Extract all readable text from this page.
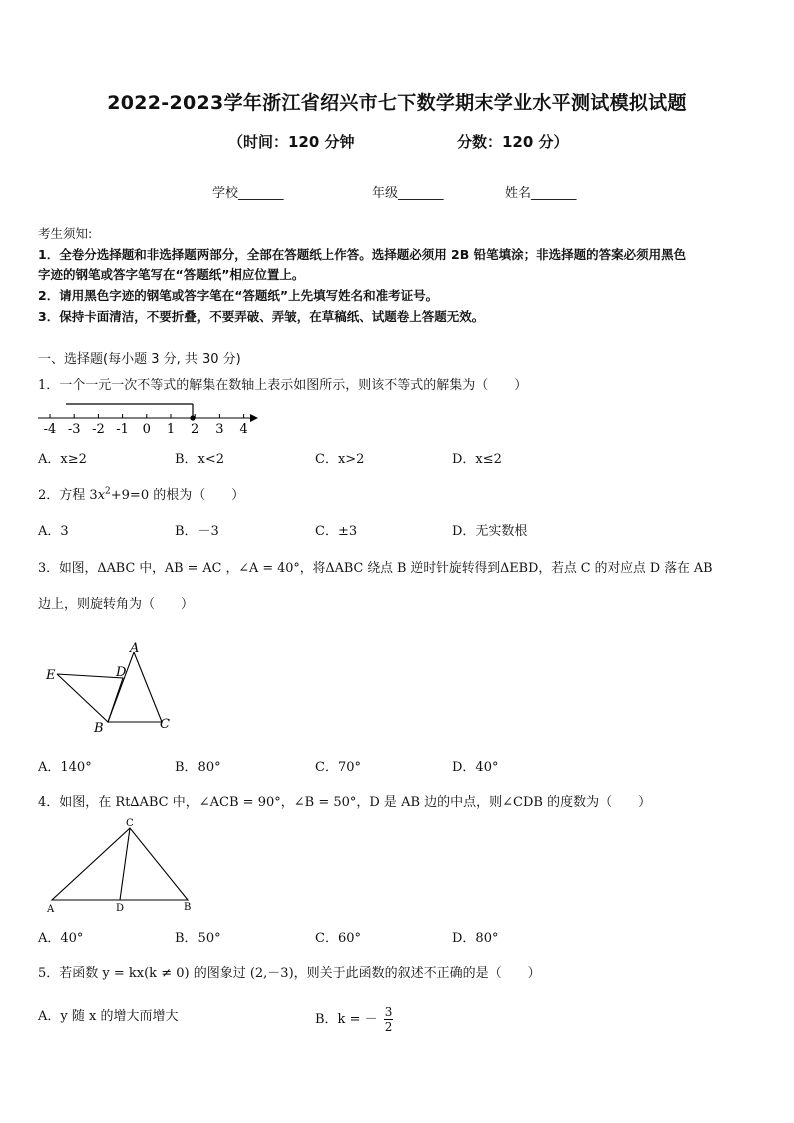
2022-2023学年浙江省绍兴市七下数学期末学业水平测试模拟试题
（时间：120 分钟	分数：120 分）
学校_______	年级_______	姓名_______
考生须知:
1．全卷分选择题和非选择题两部分，全部在答题纸上作答。选择题必须用 2B 铅笔填涂；非选择题的答案必须用黑色
字迹的钢笔或答字笔写在“答题纸”相应位置上。
2．请用黑色字迹的钢笔或答字笔在“答题纸”上先填写姓名和准考证号。
3．保持卡面清洁，不要折叠，不要弄破、弄皱，在草稿纸、试题卷上答题无效。
一、选择题(每小题 3 分, 共 30 分)
1．一个一元一次不等式的解集在数轴上表示如图所示，则该不等式的解集为（　　）
-4 -3 -2 -1 0 1 2 3 4
A．x≥2	B．x<2	C．x>2	D．x≤2
2．方程 $3x^2+9=0$ 的根为（　　）
A．3	B．－3	C．±3	D．无实数根
3．如图，ΔABC 中，AB = AC ，∠A = 40°，将ΔABC 绕点 B 逆时针旋转得到ΔEBD，若点 C 的对应点 D 落在 AB
边上，则旋转角为（　　）
A
D
E
B	C
A．140°	B．80°	C．70°	D．40°
4．如图，在 Rt∆ABC 中，∠ACB = 90°，∠B = 50°，D 是 AB 边的中点，则∠CDB 的度数为（　　）
C
A	D	B
A．40°	B．50°	C．60°	D．80°
5．若函数 y = kx(k ≠ 0) 的图象过 (2,－3)，则关于此函数的叙述不正确的是（　　）
A．y 随 x 的增大而增大	B．k = － $\frac{3}{2}$
